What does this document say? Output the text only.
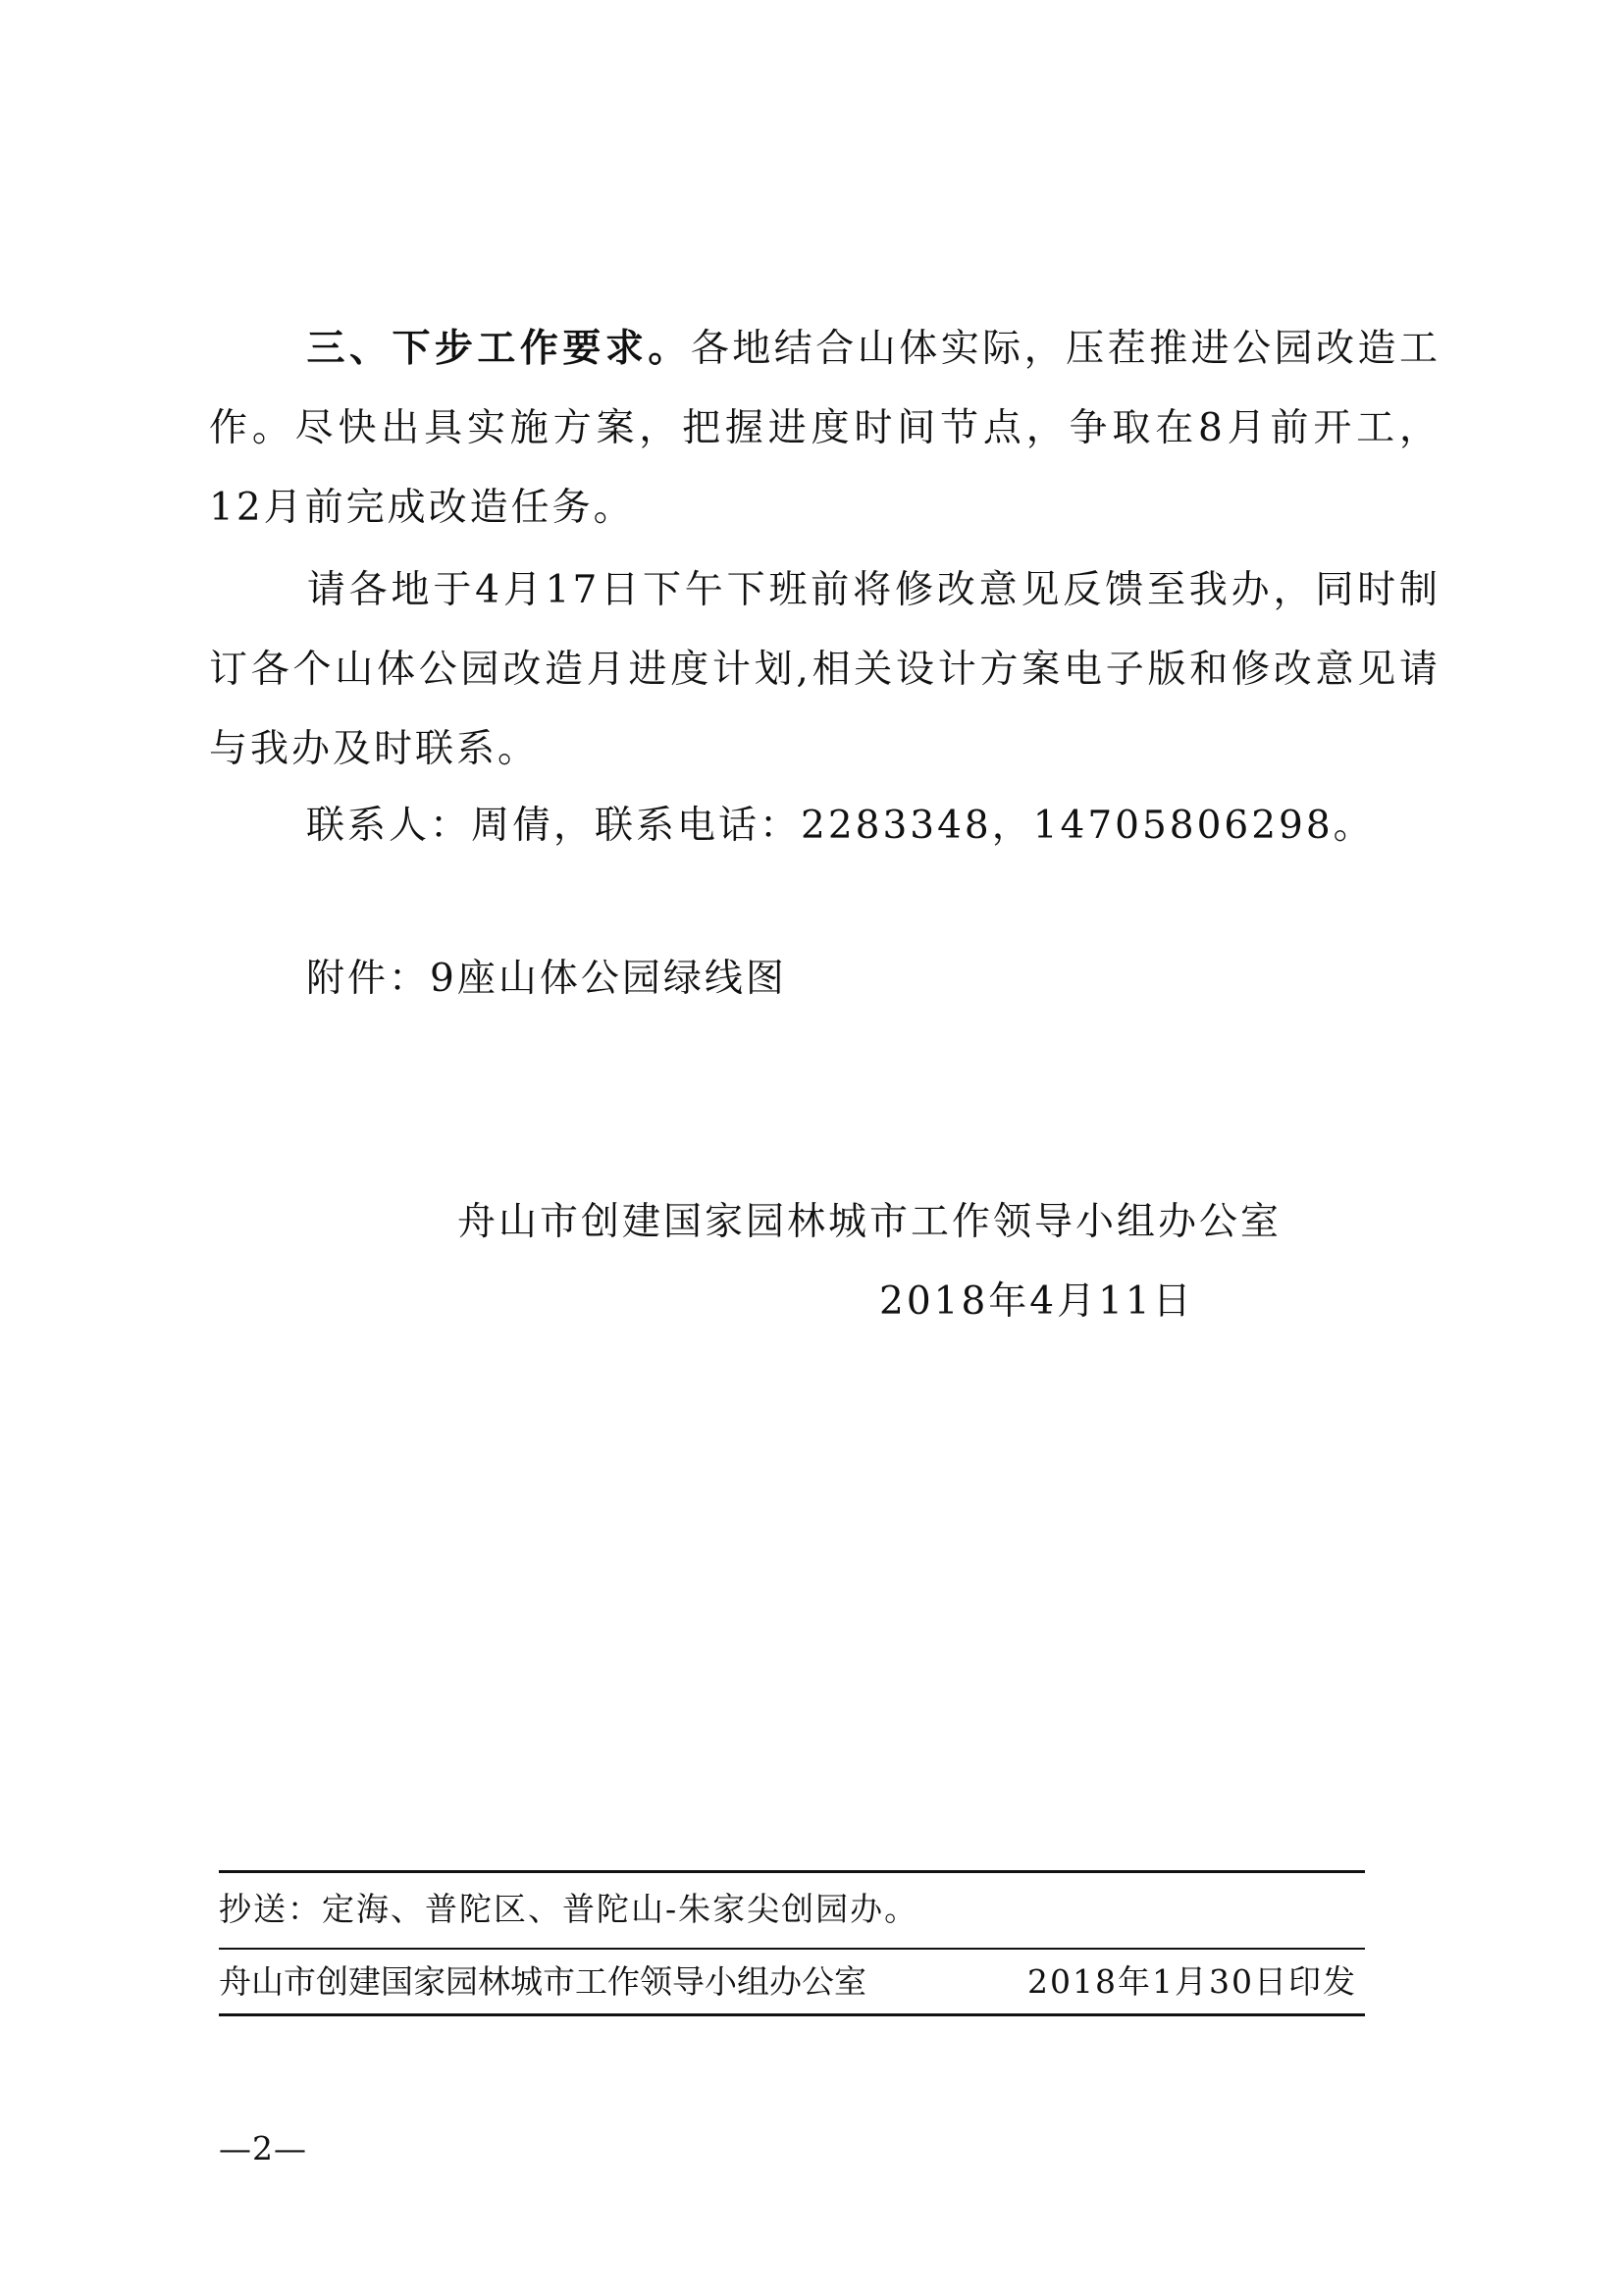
三、下步工作要求。各地结合山体实际，压茬推进公园改造工作。尽快出具实施方案，把握进度时间节点，争取在8月前开工，12月前完成改造任务。
请各地于4月17日下午下班前将修改意见反馈至我办，同时制订各个山体公园改造月进度计划,相关设计方案电子版和修改意见请与我办及时联系。
联系人：周倩，联系电话：2283348，14705806298。
附件：9座山体公园绿线图
舟山市创建国家园林城市工作领导小组办公室
2018年4月11日
抄送：定海、普陀区、普陀山-朱家尖创园办。
舟山市创建国家园林城市工作领导小组办公室	2018年1月30日印发
—2—
